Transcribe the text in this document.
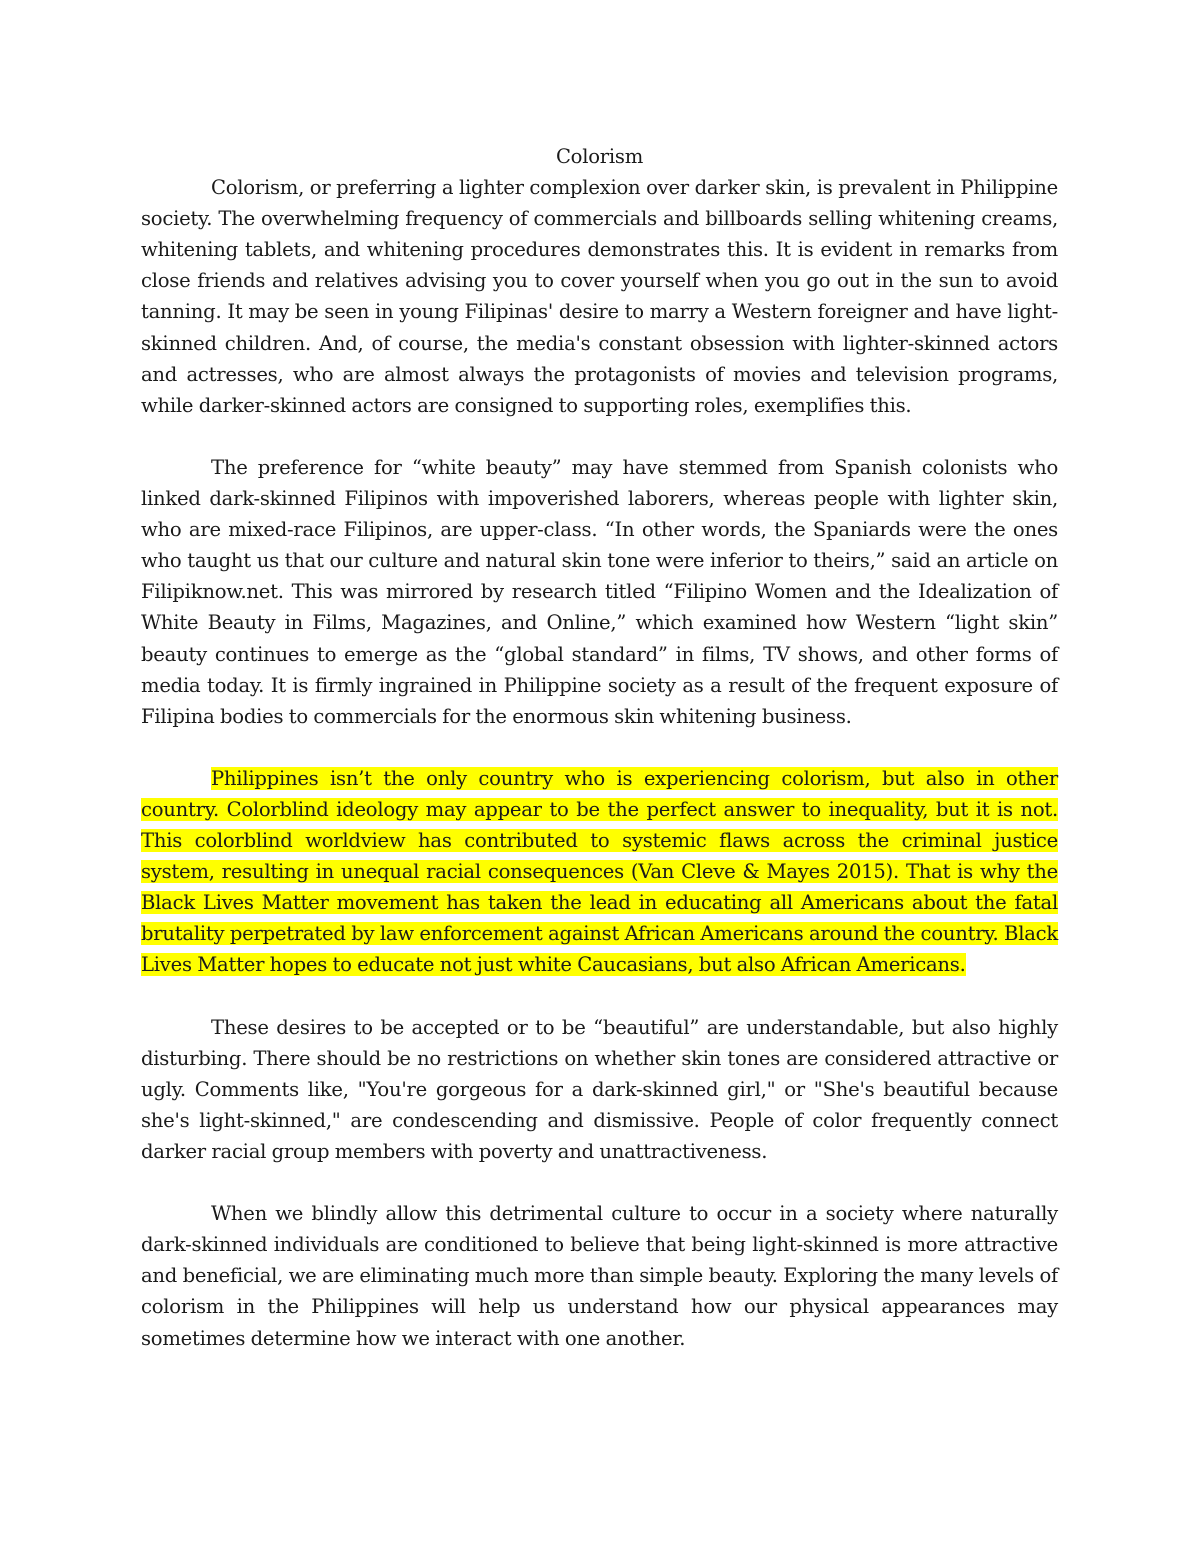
Colorism

Colorism, or preferring a lighter complexion over darker skin, is prevalent in Philippine society. The overwhelming frequency of commercials and billboards selling whitening creams, whitening tablets, and whitening procedures demonstrates this. It is evident in remarks from close friends and relatives advising you to cover yourself when you go out in the sun to avoid tanning. It may be seen in young Filipinas' desire to marry a Western foreigner and have light-skinned children. And, of course, the media's constant obsession with lighter-skinned actors and actresses, who are almost always the protagonists of movies and television programs, while darker-skinned actors are consigned to supporting roles, exemplifies this.

The preference for “white beauty” may have stemmed from Spanish colonists who linked dark-skinned Filipinos with impoverished laborers, whereas people with lighter skin, who are mixed-race Filipinos, are upper-class. “In other words, the Spaniards were the ones who taught us that our culture and natural skin tone were inferior to theirs,” said an article on Filipiknow.net. This was mirrored by research titled “Filipino Women and the Idealization of White Beauty in Films, Magazines, and Online,” which examined how Western “light skin” beauty continues to emerge as the “global standard” in films, TV shows, and other forms of media today. It is firmly ingrained in Philippine society as a result of the frequent exposure of Filipina bodies to commercials for the enormous skin whitening business.

Philippines isn’t the only country who is experiencing colorism, but also in other country. Colorblind ideology may appear to be the perfect answer to inequality, but it is not. This colorblind worldview has contributed to systemic flaws across the criminal justice system, resulting in unequal racial consequences (Van Cleve & Mayes 2015). That is why the Black Lives Matter movement has taken the lead in educating all Americans about the fatal brutality perpetrated by law enforcement against African Americans around the country. Black Lives Matter hopes to educate not just white Caucasians, but also African Americans.

These desires to be accepted or to be “beautiful” are understandable, but also highly disturbing. There should be no restrictions on whether skin tones are considered attractive or ugly. Comments like, "You're gorgeous for a dark-skinned girl," or "She's beautiful because she's light-skinned," are condescending and dismissive. People of color frequently connect darker racial group members with poverty and unattractiveness.

When we blindly allow this detrimental culture to occur in a society where naturally dark-skinned individuals are conditioned to believe that being light-skinned is more attractive and beneficial, we are eliminating much more than simple beauty. Exploring the many levels of colorism in the Philippines will help us understand how our physical appearances may sometimes determine how we interact with one another.
